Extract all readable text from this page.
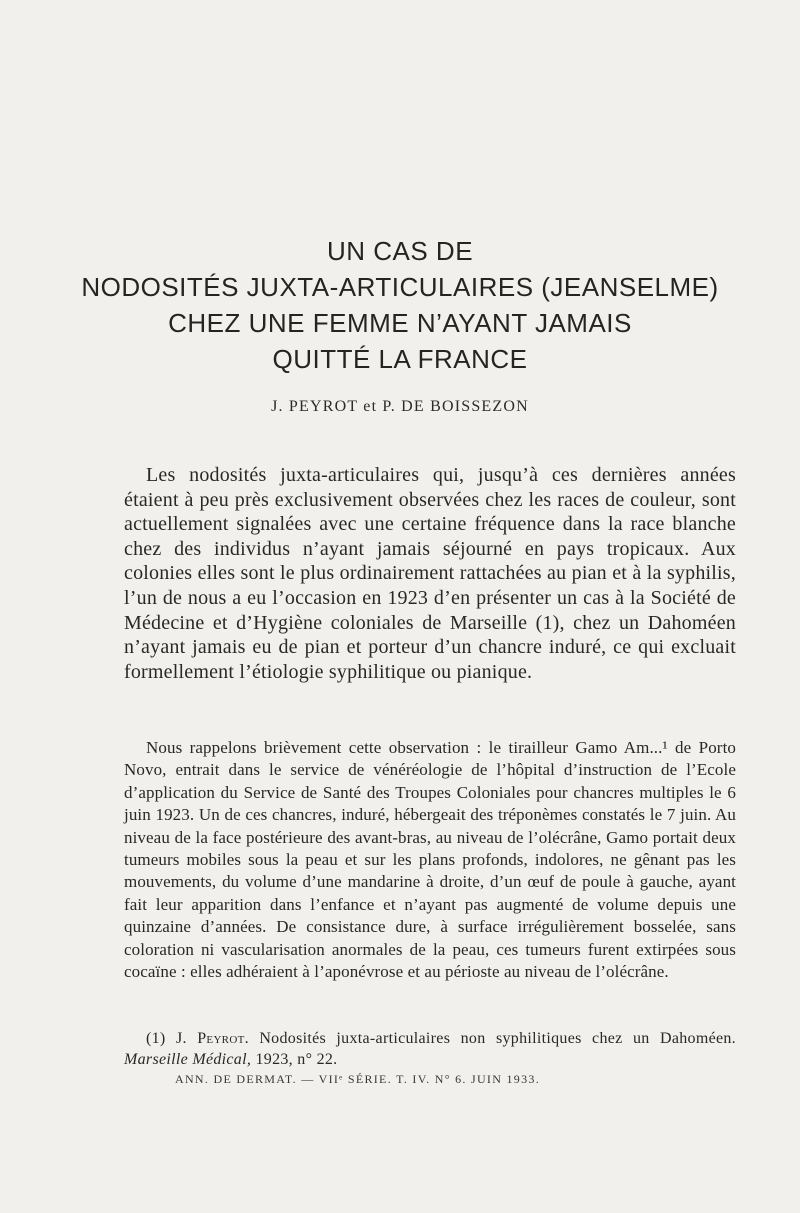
UN CAS DE
NODOSITÉS JUXTA-ARTICULAIRES (JEANSELME)
CHEZ UNE FEMME N’AYANT JAMAIS
QUITTÉ LA FRANCE
J. PEYROT et P. DE BOISSEZON

Les nodosités juxta-articulaires qui, jusqu’à ces dernières années étaient à peu près exclusivement observées chez les races de couleur, sont actuellement signalées avec une certaine fréquence dans la race blanche chez des individus n’ayant jamais séjourné en pays tropicaux. Aux colonies elles sont le plus ordinairement rattachées au pian et à la syphilis, l’un de nous a eu l’occasion en 1923 d’en présenter un cas à la Société de Médecine et d’Hygiène coloniales de Marseille (1), chez un Dahoméen n’ayant jamais eu de pian et porteur d’un chancre induré, ce qui excluait formellement l’étiologie syphilitique ou pianique.

Nous rappelons brièvement cette observation : le tirailleur Gamo Am...¹ de Porto Novo, entrait dans le service de vénéréologie de l’hôpital d’instruction de l’Ecole d’application du Service de Santé des Troupes Coloniales pour chancres multiples le 6 juin 1923. Un de ces chancres, induré, hébergeait des tréponèmes constatés le 7 juin. Au niveau de la face postérieure des avant-bras, au niveau de l’olécrâne, Gamo portait deux tumeurs mobiles sous la peau et sur les plans profonds, indolores, ne gênant pas les mouvements, du volume d’une mandarine à droite, d’un œuf de poule à gauche, ayant fait leur apparition dans l’enfance et n’ayant pas augmenté de volume depuis une quinzaine d’années. De consistance dure, à surface irrégulièrement bosselée, sans coloration ni vascularisation anormales de la peau, ces tumeurs furent extirpées sous cocaïne : elles adhéraient à l’aponévrose et au périoste au niveau de l’olécrâne.

(1) J. Peyrot. Nodosités juxta-articulaires non syphilitiques chez un Dahoméen. Marseille Médical, 1923, n° 22.

ANN. DE DERMAT. — VIIᵉ SÉRIE. T. IV. N° 6. JUIN 1933.
